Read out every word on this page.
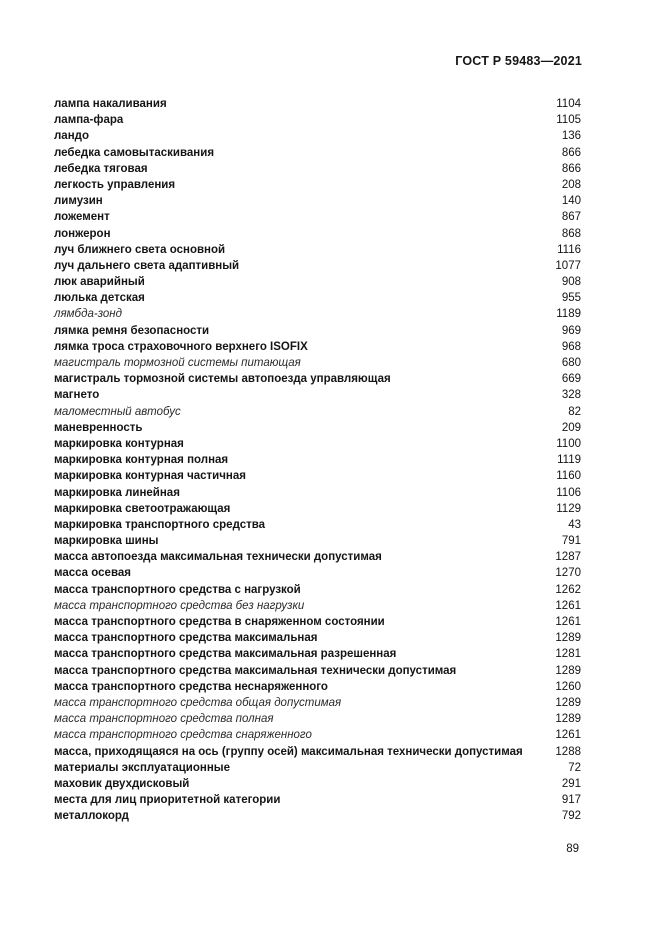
ГОСТ Р 59483—2021
лампа накаливания	1104
лампа-фара	1105
ландо	136
лебедка самовытаскивания	866
лебедка тяговая	866
легкость управления	208
лимузин	140
ложемент	867
лонжерон	868
луч ближнего света основной	1116
луч дальнего света адаптивный	1077
люк аварийный	908
люлька детская	955
лямбда-зонд	1189
лямка ремня безопасности	969
лямка троса страховочного верхнего ISOFIX	968
магистраль тормозной системы питающая	680
магистраль тормозной системы автопоезда управляющая	669
магнето	328
маломестный автобус	82
маневренность	209
маркировка контурная	1100
маркировка контурная полная	1119
маркировка контурная частичная	1160
маркировка линейная	1106
маркировка светоотражающая	1129
маркировка транспортного средства	43
маркировка шины	791
масса автопоезда максимальная технически допустимая	1287
масса осевая	1270
масса транспортного средства с нагрузкой	1262
масса транспортного средства без нагрузки	1261
масса транспортного средства в снаряженном состоянии	1261
масса транспортного средства максимальная	1289
масса транспортного средства максимальная разрешенная	1281
масса транспортного средства максимальная технически допустимая	1289
масса транспортного средства неснаряженного	1260
масса транспортного средства общая допустимая	1289
масса транспортного средства полная	1289
масса транспортного средства снаряженного	1261
масса, приходящаяся на ось (группу осей) максимальная технически допустимая	1288
материалы эксплуатационные	72
маховик двухдисковый	291
места для лиц приоритетной категории	917
металлокорд	792
89
